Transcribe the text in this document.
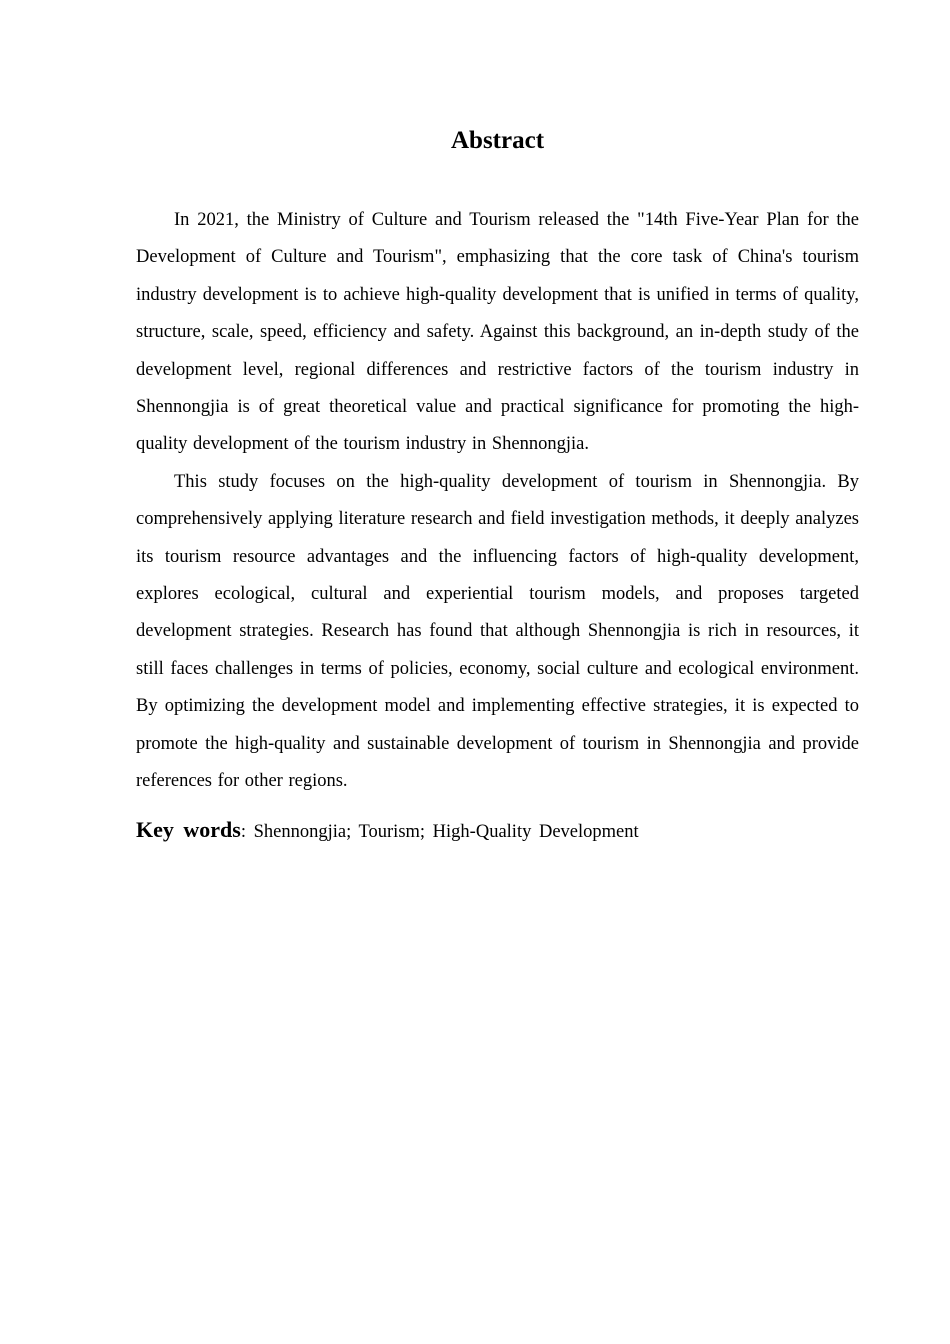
Abstract

In 2021, the Ministry of Culture and Tourism released the "14th Five-Year Plan for the Development of Culture and Tourism", emphasizing that the core task of China's tourism industry development is to achieve high-quality development that is unified in terms of quality, structure, scale, speed, efficiency and safety. Against this background, an in-depth study of the development level, regional differences and restrictive factors of the tourism industry in Shennongjia is of great theoretical value and practical significance for promoting the high-quality development of the tourism industry in Shennongjia.

This study focuses on the high-quality development of tourism in Shennongjia. By comprehensively applying literature research and field investigation methods, it deeply analyzes its tourism resource advantages and the influencing factors of high-quality development, explores ecological, cultural and experiential tourism models, and proposes targeted development strategies. Research has found that although Shennongjia is rich in resources, it still faces challenges in terms of policies, economy, social culture and ecological environment. By optimizing the development model and implementing effective strategies, it is expected to promote the high-quality and sustainable development of tourism in Shennongjia and provide references for other regions.

Key words: Shennongjia; Tourism; High-Quality Development
